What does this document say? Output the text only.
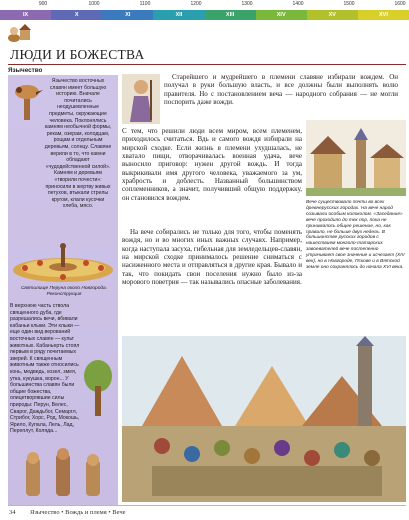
900	1000	1100	1200	1300	1400	1500	1600
IX	X	XI	XII	XIII	XIV	XV	XVI
ЛЮДИ И БОЖЕСТВА
Язычество
Язычество восточных славян имеет большую историю. Вначале почитались неодушевленные предметы, окружающие человека. Поклонялись камням необычной формы, рекам, озерам, колодцам, рощам и отдельным деревьям, солнцу. Славяне верили в то, что камни обладают «чудодейственной силой». Камням и деревьям «творили почести»: приносили в жертву живых петухов, втыкали стрелы кругом, клали кусочки хлеба, мясо.
Святилище Перуна около Новгорода. Реконструкция
В верхнюю часть ствола священного дуба, где разрешались вечи, вбивали кабаньи клыки. Эти клыки — еще один вид верований восточных славян — культ животных. Кабаньерть стоял первым в ряду почитаемых зверей. К священным животным также относились конь, медведь, козел, змея, утка, кукушка, ворон... У большинства славян были общие божества, олицетворявшие силы природы: Перун, Велес, Сварог, Даждьбог, Семаргл, Стрибог, Хорс, Род, Мокошь, Ярило, Купала, Лель, Лад, Переплут, Коляда...

Старейшего и мудрейшего в племени славяне избирали вождем. Он получал в руки большую власть, и все должны были выполнять волю правителя. Но с постановлением веча — народного собрания — не могли поспорить даже вожди.

С тем, что решили люди всем миром, всем племенем, приходилось считаться. Вдь и самого вождя избирали на мирской сходке. Если жизнь в племени ухудшалась, не хватало пищи, отворачивалась военная удача, вече выносило приговор: нужен другой вождь. И тогда выкрикивали имя другого человека, уважаемого за ум, храбрость и доблесть. Названный большинством соплеменников, а значит, получивший общую поддержку, он становился вождем.

На вече собирались не только для того, чтобы поменять вождя, но и во многих иных важных случаях. Например, когда наступала засуха, гибельная для земледельцев-славян, на мирской сходке принималось решение сниматься с насиженного места и отправляться в другие края. Бывало и так, что покидать свои поселения нужно было из-за морового поветрия — так назывались опасные заболевания.

Вече существовало почти во всех древнерусских городах. На вече народ созывали особым колоколом. «Заседание» вече проходило до тех пор, пока не принималось общее решение, но, как правило, не больше двух недель. В большинстве русских городов с нашествием монголо-татарских завоевателей вече постепенно утрачивает свое значение и исчезает (XIV век), но в Новгороде, Пскове и в Вятской земле оно сохранялось до начала XVI века.
34 Язычество • Вождь и племя • Вече
